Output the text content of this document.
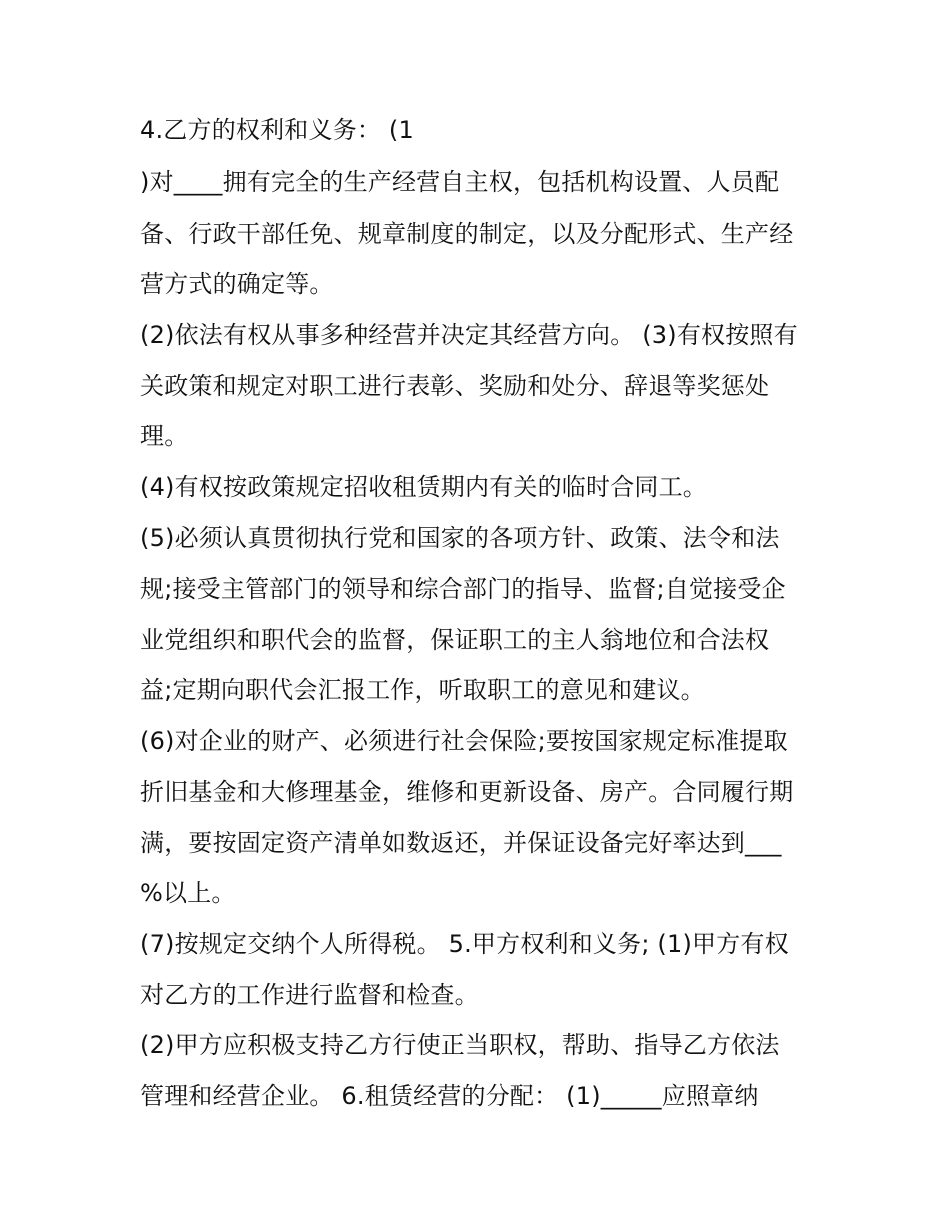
4.乙方的权利和义务： (1
)对____拥有完全的生产经营自主权，包括机构设置、人员配
备、行政干部任免、规章制度的制定，以及分配形式、生产经
营方式的确定等。
(2)依法有权从事多种经营并决定其经营方向。 (3)有权按照有
关政策和规定对职工进行表彰、奖励和处分、辞退等奖惩处
理。
(4)有权按政策规定招收租赁期内有关的临时合同工。
(5)必须认真贯彻执行党和国家的各项方针、政策、法令和法
规;接受主管部门的领导和综合部门的指导、监督;自觉接受企
业党组织和职代会的监督，保证职工的主人翁地位和合法权
益;定期向职代会汇报工作，听取职工的意见和建议。
(6)对企业的财产、必须进行社会保险;要按国家规定标准提取
折旧基金和大修理基金，维修和更新设备、房产。合同履行期
满，要按固定资产清单如数返还，并保证设备完好率达到___
%以上。
(7)按规定交纳个人所得税。 5.甲方权利和义务; (1)甲方有权
对乙方的工作进行监督和检查。
(2)甲方应积极支持乙方行使正当职权，帮助、指导乙方依法
管理和经营企业。 6.租赁经营的分配： (1)_____应照章纳
